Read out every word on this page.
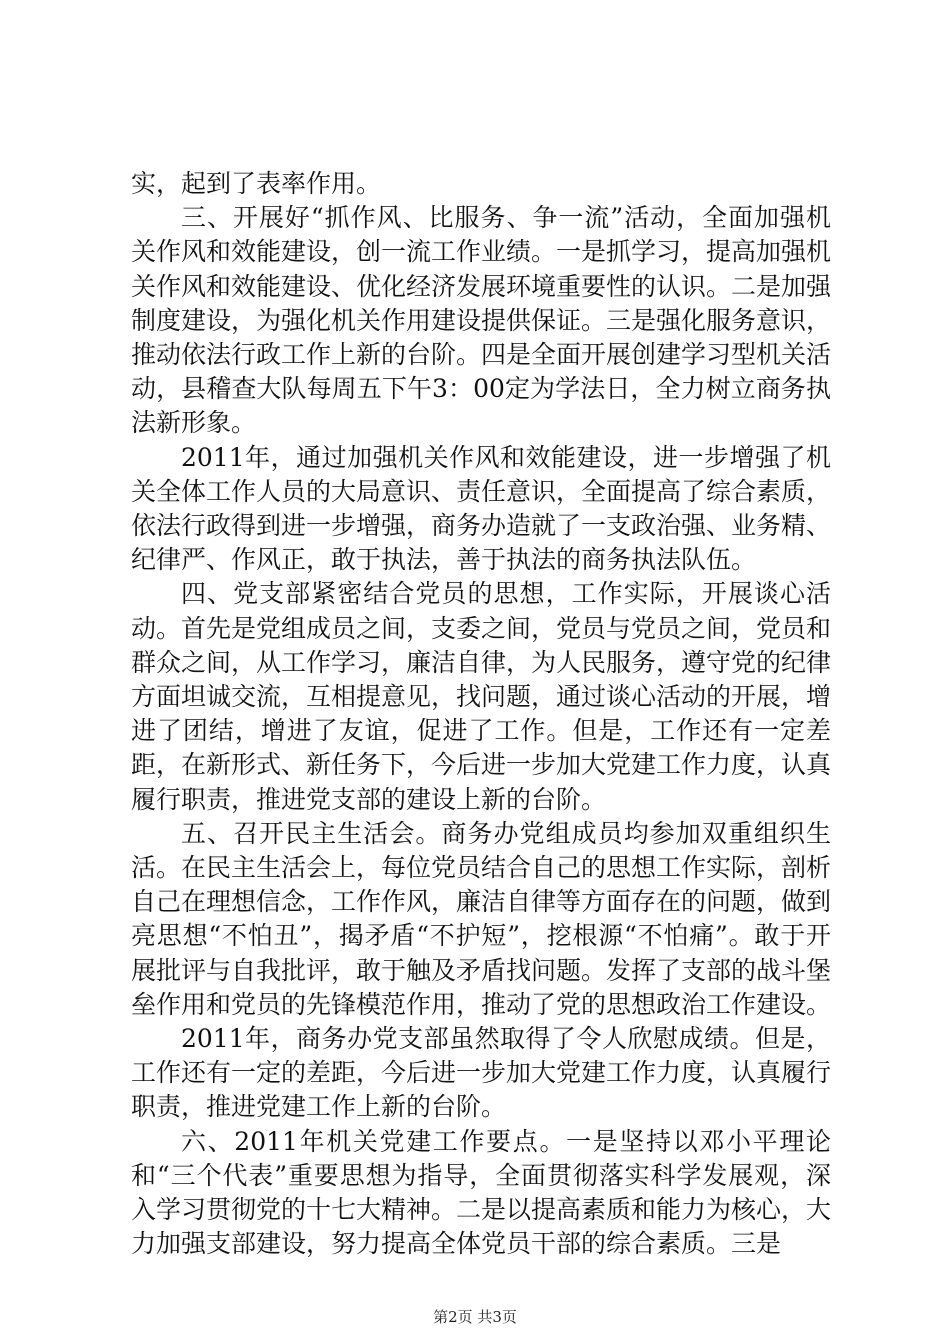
实，起到了表率作用。

三、开展好“抓作风、比服务、争一流”活动，全面加强机关作风和效能建设，创一流工作业绩。一是抓学习，提高加强机关作风和效能建设、优化经济发展环境重要性的认识。二是加强制度建设，为强化机关作用建设提供保证。三是强化服务意识，推动依法行政工作上新的台阶。四是全面开展创建学习型机关活动，县稽查大队每周五下午3：00定为学法日，全力树立商务执法新形象。

2011年，通过加强机关作风和效能建设，进一步增强了机关全体工作人员的大局意识、责任意识，全面提高了综合素质，依法行政得到进一步增强，商务办造就了一支政治强、业务精、纪律严、作风正，敢于执法，善于执法的商务执法队伍。

四、党支部紧密结合党员的思想，工作实际，开展谈心活动。首先是党组成员之间，支委之间，党员与党员之间，党员和群众之间，从工作学习，廉洁自律，为人民服务，遵守党的纪律方面坦诚交流，互相提意见，找问题，通过谈心活动的开展，增进了团结，增进了友谊，促进了工作。但是，工作还有一定差距，在新形式、新任务下，今后进一步加大党建工作力度，认真履行职责，推进党支部的建设上新的台阶。

五、召开民主生活会。商务办党组成员均参加双重组织生活。在民主生活会上，每位党员结合自己的思想工作实际，剖析自己在理想信念，工作作风，廉洁自律等方面存在的问题，做到亮思想“不怕丑”，揭矛盾“不护短”，挖根源“不怕痛”。敢于开展批评与自我批评，敢于触及矛盾找问题。发挥了支部的战斗堡垒作用和党员的先锋模范作用，推动了党的思想政治工作建设。

2011年，商务办党支部虽然取得了令人欣慰成绩。但是，工作还有一定的差距，今后进一步加大党建工作力度，认真履行职责，推进党建工作上新的台阶。

六、2011年机关党建工作要点。一是坚持以邓小平理论和“三个代表”重要思想为指导，全面贯彻落实科学发展观，深入学习贯彻党的十七大精神。二是以提高素质和能力为核心，大力加强支部建设，努力提高全体党员干部的综合素质。三是

第2页 共3页
